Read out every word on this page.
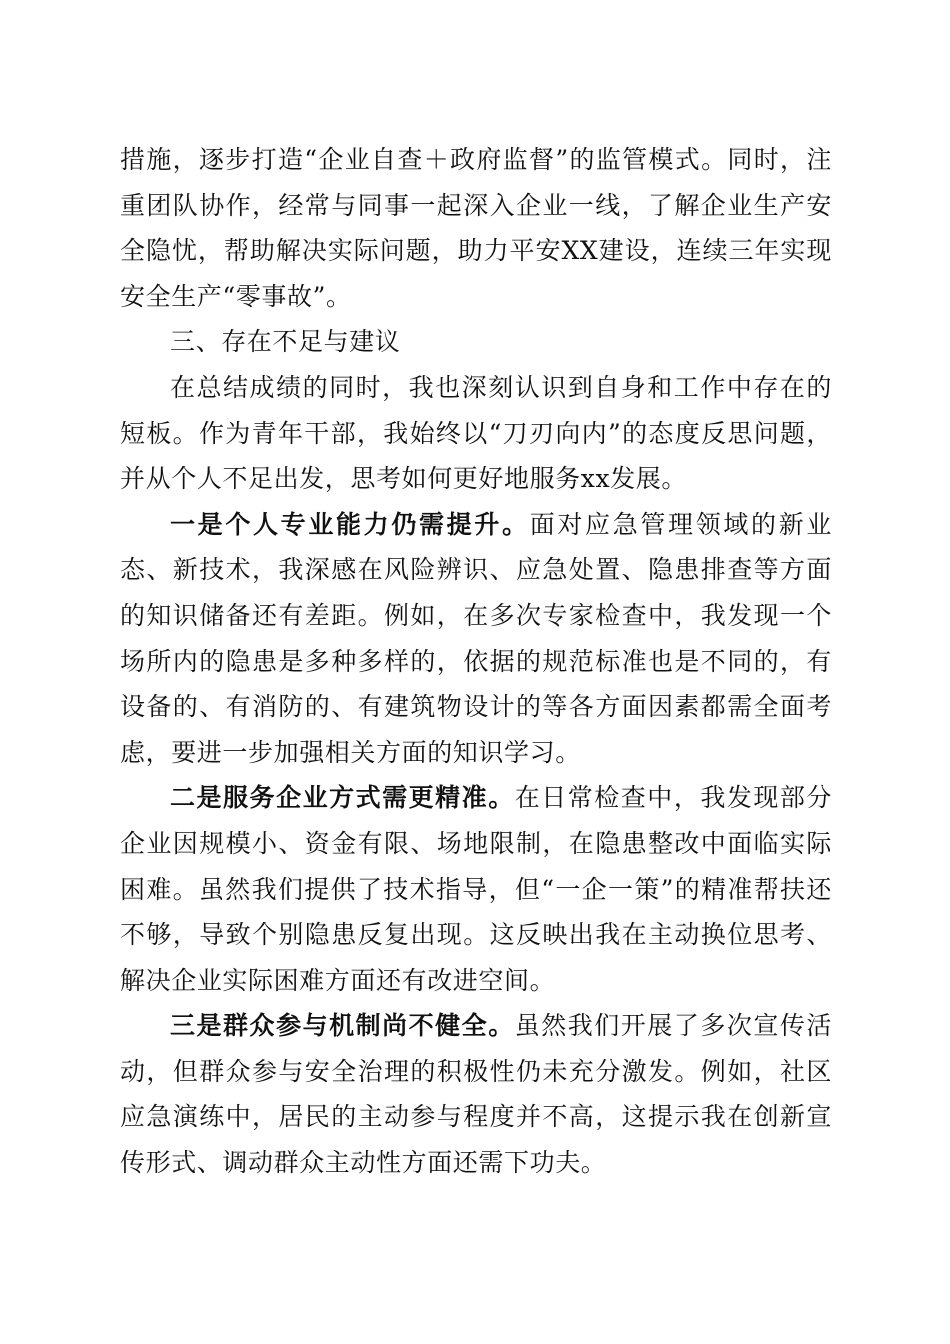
措施，逐步打造“企业自查＋政府监督”的监管模式。同时，注重团队协作，经常与同事一起深入企业一线，了解企业生产安全隐忧，帮助解决实际问题，助力平安XX建设，连续三年实现安全生产“零事故”。

三、存在不足与建议

在总结成绩的同时，我也深刻认识到自身和工作中存在的短板。作为青年干部，我始终以“刀刃向内”的态度反思问题，并从个人不足出发，思考如何更好地服务xx发展。

一是个人专业能力仍需提升。面对应急管理领域的新业态、新技术，我深感在风险辨识、应急处置、隐患排查等方面的知识储备还有差距。例如，在多次专家检查中，我发现一个场所内的隐患是多种多样的，依据的规范标准也是不同的，有设备的、有消防的、有建筑物设计的等各方面因素都需全面考虑，要进一步加强相关方面的知识学习。

二是服务企业方式需更精准。在日常检查中，我发现部分企业因规模小、资金有限、场地限制，在隐患整改中面临实际困难。虽然我们提供了技术指导，但“一企一策”的精准帮扶还不够，导致个别隐患反复出现。这反映出我在主动换位思考、解决企业实际困难方面还有改进空间。

三是群众参与机制尚不健全。虽然我们开展了多次宣传活动，但群众参与安全治理的积极性仍未充分激发。例如，社区应急演练中，居民的主动参与程度并不高，这提示我在创新宣传形式、调动群众主动性方面还需下功夫。
